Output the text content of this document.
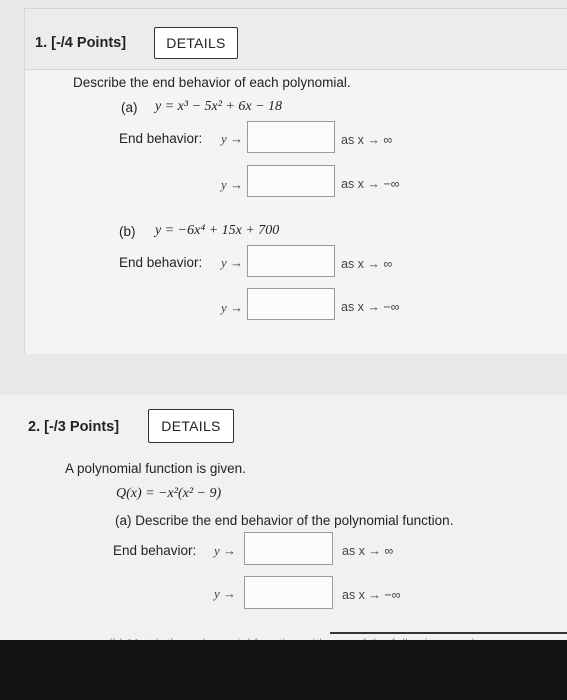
1. [-/4 Points]	DETAILS
Describe the end behavior of each polynomial.
(a) y = x³ − 5x² + 6x − 18
End behavior: y →	as x → ∞
y →	as x → −∞
(b) y = −6x⁴ + 15x + 700
End behavior: y →	as x → ∞
y →	as x → −∞
2. [-/3 Points]	DETAILS
A polynomial function is given.
Q(x) = −x²(x² − 9)
(a) Describe the end behavior of the polynomial function.
End behavior: y →	as x → ∞
y →	as x → −∞
